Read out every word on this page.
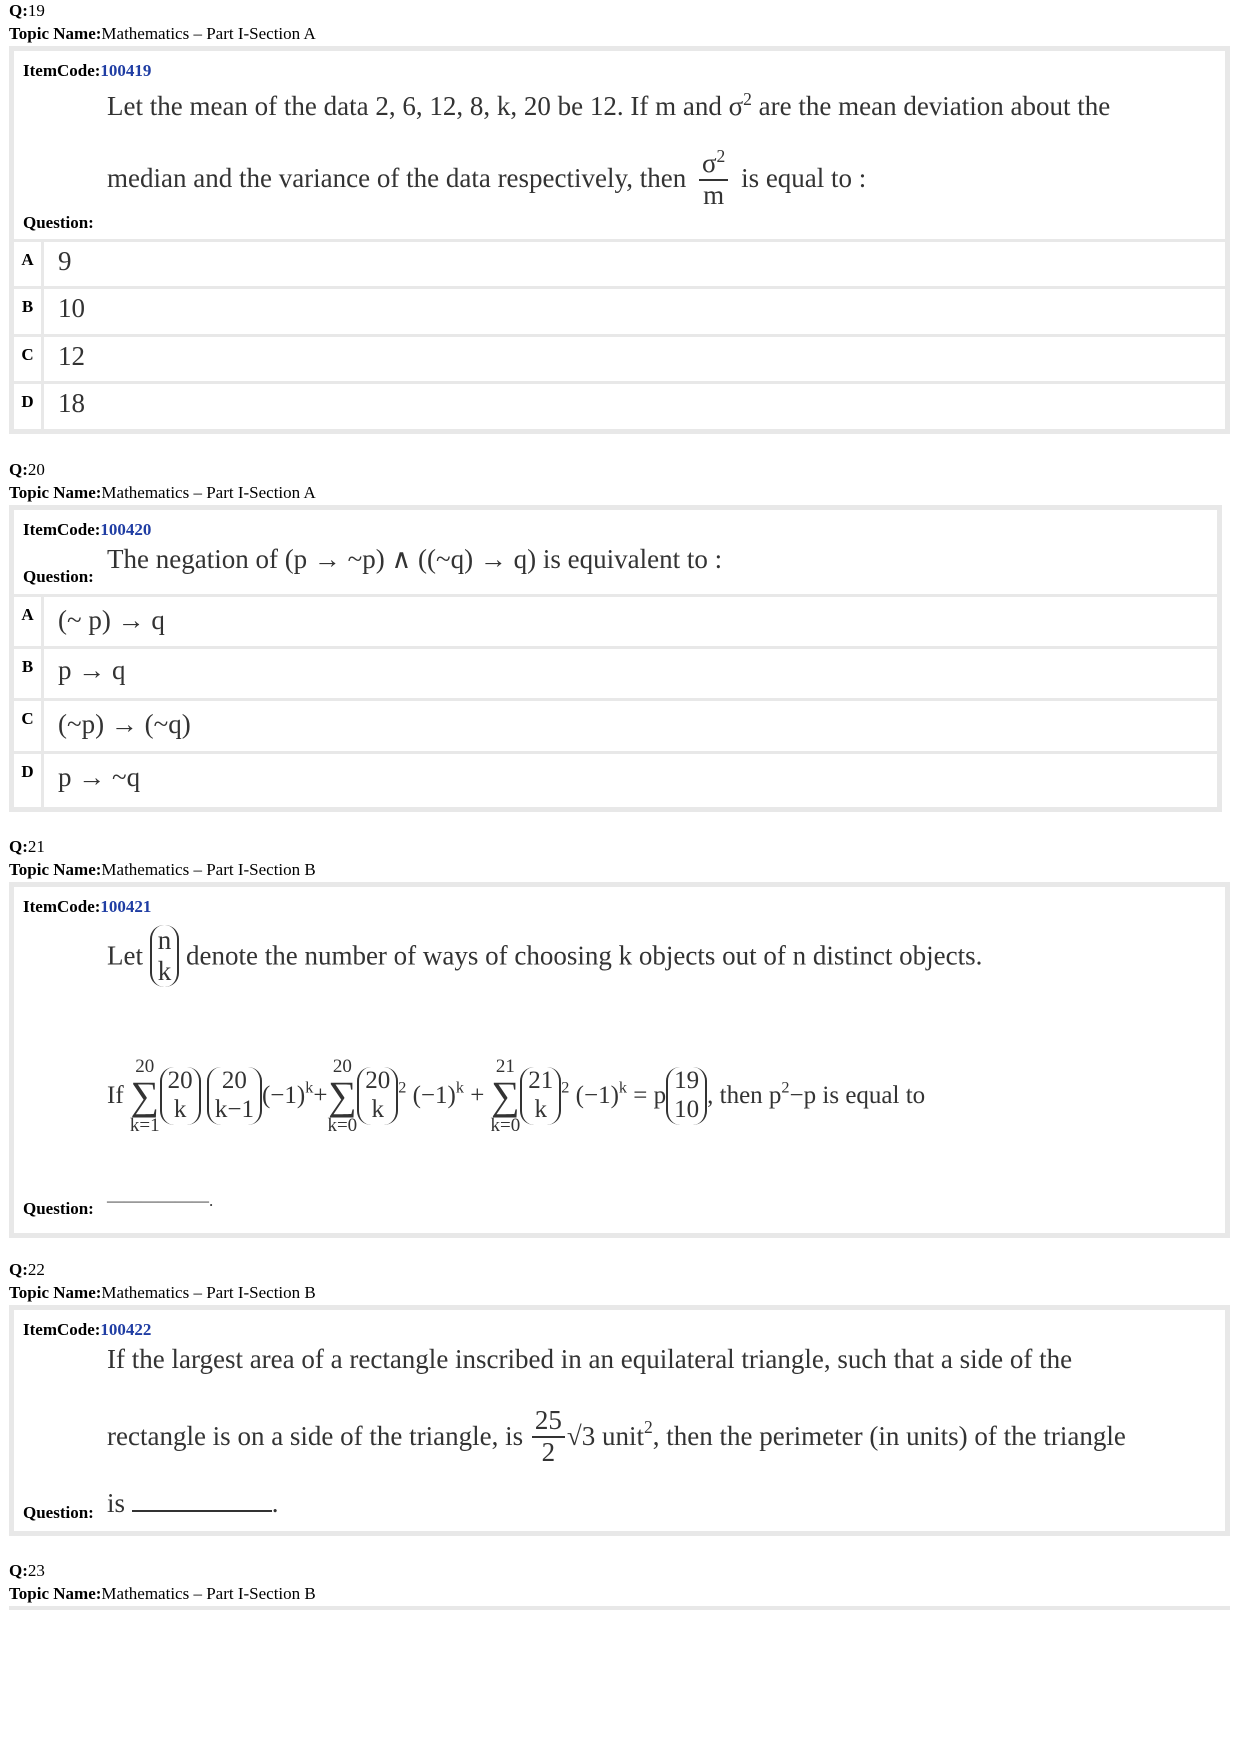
Q:19
Topic Name:Mathematics – Part I-Section A
ItemCode:100419
Let the mean of the data 2, 6, 12, 8, k, 20 be 12. If m and $\sigma^2$ are the mean deviation about the
median and the variance of the data respectively, then $\frac{\sigma^2}{m}$ is equal to :
Question:
A 9
B 10
C 12
D 18
Q:20
Topic Name:Mathematics – Part I-Section A
ItemCode:100420
The negation of (p → ~p) ∧ ((~q) → q) is equivalent to :
Question:
A (~ p) → q
B p → q
C (~p) → (~q)
D p → ~q
Q:21
Topic Name:Mathematics – Part I-Section B
ItemCode:100421
Let
n
k
denote the number of ways of choosing k objects out of n distinct objects.
If
20
∑
k=1
20
k

20
k−1
$(-1)^k+$
20
∑
k=0
20
k
$^2$ $(-1)^k$ +
21
∑
k=0
21
k
$^2$ $(-1)^k = p$
19
10
, then $p^2-p$ is equal to
Question: ——————.
Q:22
Topic Name:Mathematics – Part I-Section B
ItemCode:100422
If the largest area of a rectangle inscribed in an equilateral triangle, such that a side of the
rectangle is on a side of the triangle, is $\frac{25}{2} √3$ unit$^2$, then the perimeter (in units) of the triangle
Question: is	.
Q:23
Topic Name:Mathematics – Part I-Section B
